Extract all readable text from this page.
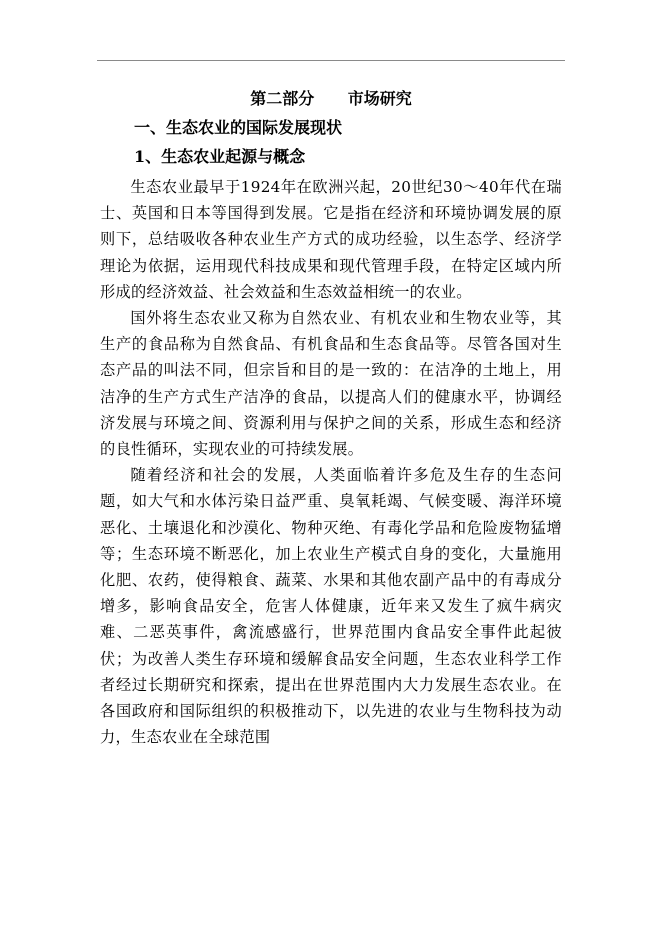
第二部分      市场研究
一、生态农业的国际发展现状
1、生态农业起源与概念

生态农业最早于1924年在欧洲兴起，20世纪30～40年代在瑞士、英国和日本等国得到发展。它是指在经济和环境协调发展的原则下，总结吸收各种农业生产方式的成功经验，以生态学、经济学理论为依据，运用现代科技成果和现代管理手段，在特定区域内所形成的经济效益、社会效益和生态效益相统一的农业。

国外将生态农业又称为自然农业、有机农业和生物农业等，其生产的食品称为自然食品、有机食品和生态食品等。尽管各国对生态产品的叫法不同，但宗旨和目的是一致的：在洁净的土地上，用洁净的生产方式生产洁净的食品，以提高人们的健康水平，协调经济发展与环境之间、资源利用与保护之间的关系，形成生态和经济的良性循环，实现农业的可持续发展。

随着经济和社会的发展，人类面临着许多危及生存的生态问题，如大气和水体污染日益严重、臭氧耗竭、气候变暖、海洋环境恶化、土壤退化和沙漠化、物种灭绝、有毒化学品和危险废物猛增等；生态环境不断恶化，加上农业生产模式自身的变化，大量施用化肥、农药，使得粮食、蔬菜、水果和其他农副产品中的有毒成分增多，影响食品安全，危害人体健康，近年来又发生了疯牛病灾难、二恶英事件，禽流感盛行，世界范围内食品安全事件此起彼伏；为改善人类生存环境和缓解食品安全问题，生态农业科学工作者经过长期研究和探索，提出在世界范围内大力发展生态农业。在各国政府和国际组织的积极推动下，以先进的农业与生物科技为动力，生态农业在全球范围
